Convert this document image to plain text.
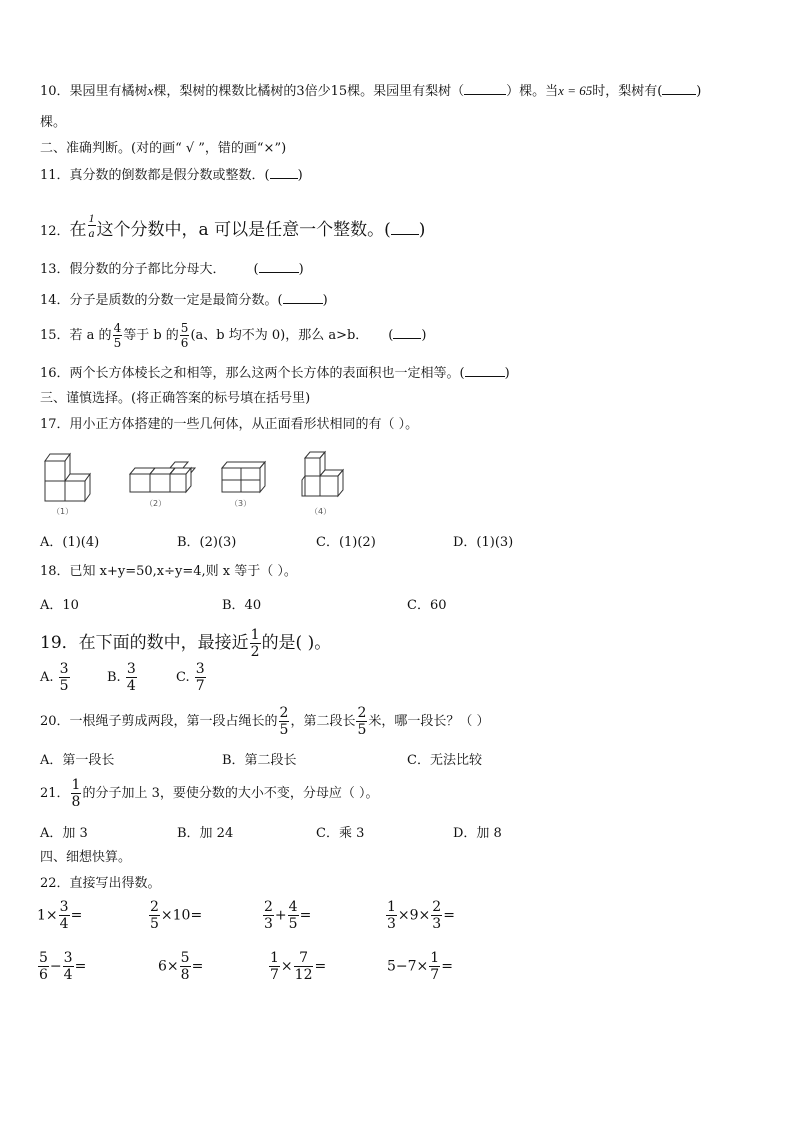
10．果园里有橘树x棵，梨树的棵数比橘树的3倍少15棵。果园里有梨树（	）棵。当x = 65时，梨树有(	)
棵。
二、准确判断。(对的画“ √ ”，错的画“×”)
11．真分数的倒数都是假分数或整数．( )
12．在 $\frac{1}{a}$ 这个分数中，a 可以是任意一个整数。( )
13．假分数的分子都比分母大． (	)
14．分子是质数的分数一定是最简分数。(	)
15．若 a 的 $\frac{4}{5}$ 等于 b 的 $\frac{5}{6} (a$、b 均不为 0)，那么 a>b． ( )
16．两个长方体棱长之和相等，那么这两个长方体的表面积也一定相等。(	)
三、谨慎选择。(将正确答案的标号填在括号里)
17．用小正方体搭建的一些几何体，从正面看形状相同的有（ ）。
（1）
（2）	（3）
（4）
A．(1)(4)	B．(2)(3)	C．(1)(2)	D．(1)(3)
18．已知 x+y=50,x÷y=4,则 x 等于（ ）。
A．10	B．40	C．60
19．在下面的数中，最接近 $\frac{1}{2}$ 的是( )。
A. $\frac{3}{5}$	B. $\frac{3}{4}$	C. $\frac{3}{7}$
20．一根绳子剪成两段，第一段占绳长的 $\frac{2}{5}$ ，第二段长 $\frac{2}{5}$ 米，哪一段长？（ ）
A．第一段长	B．第二段长	C．无法比较
21． $\frac{1}{8}$ 的分子加上 3，要使分数的大小不变，分母应（ ）。
A．加 3	B．加 24	C．乘 3	D．加 8
四、细想快算。
22．直接写出得数。
$1\times \frac{3}{4}$ =	$\frac{2}{5} \times 10=$	$\frac{2}{3} + \frac{4}{5}$ =	$\frac{1}{3} \times 9\times \frac{2}{3}$ =
$\frac{5}{6} - \frac{3}{4}$ =	$6\times \frac{5}{8}$ =	$\frac{1}{7} \times \frac{7}{12}$ =	$5-7\times \frac{1}{7}$ =
